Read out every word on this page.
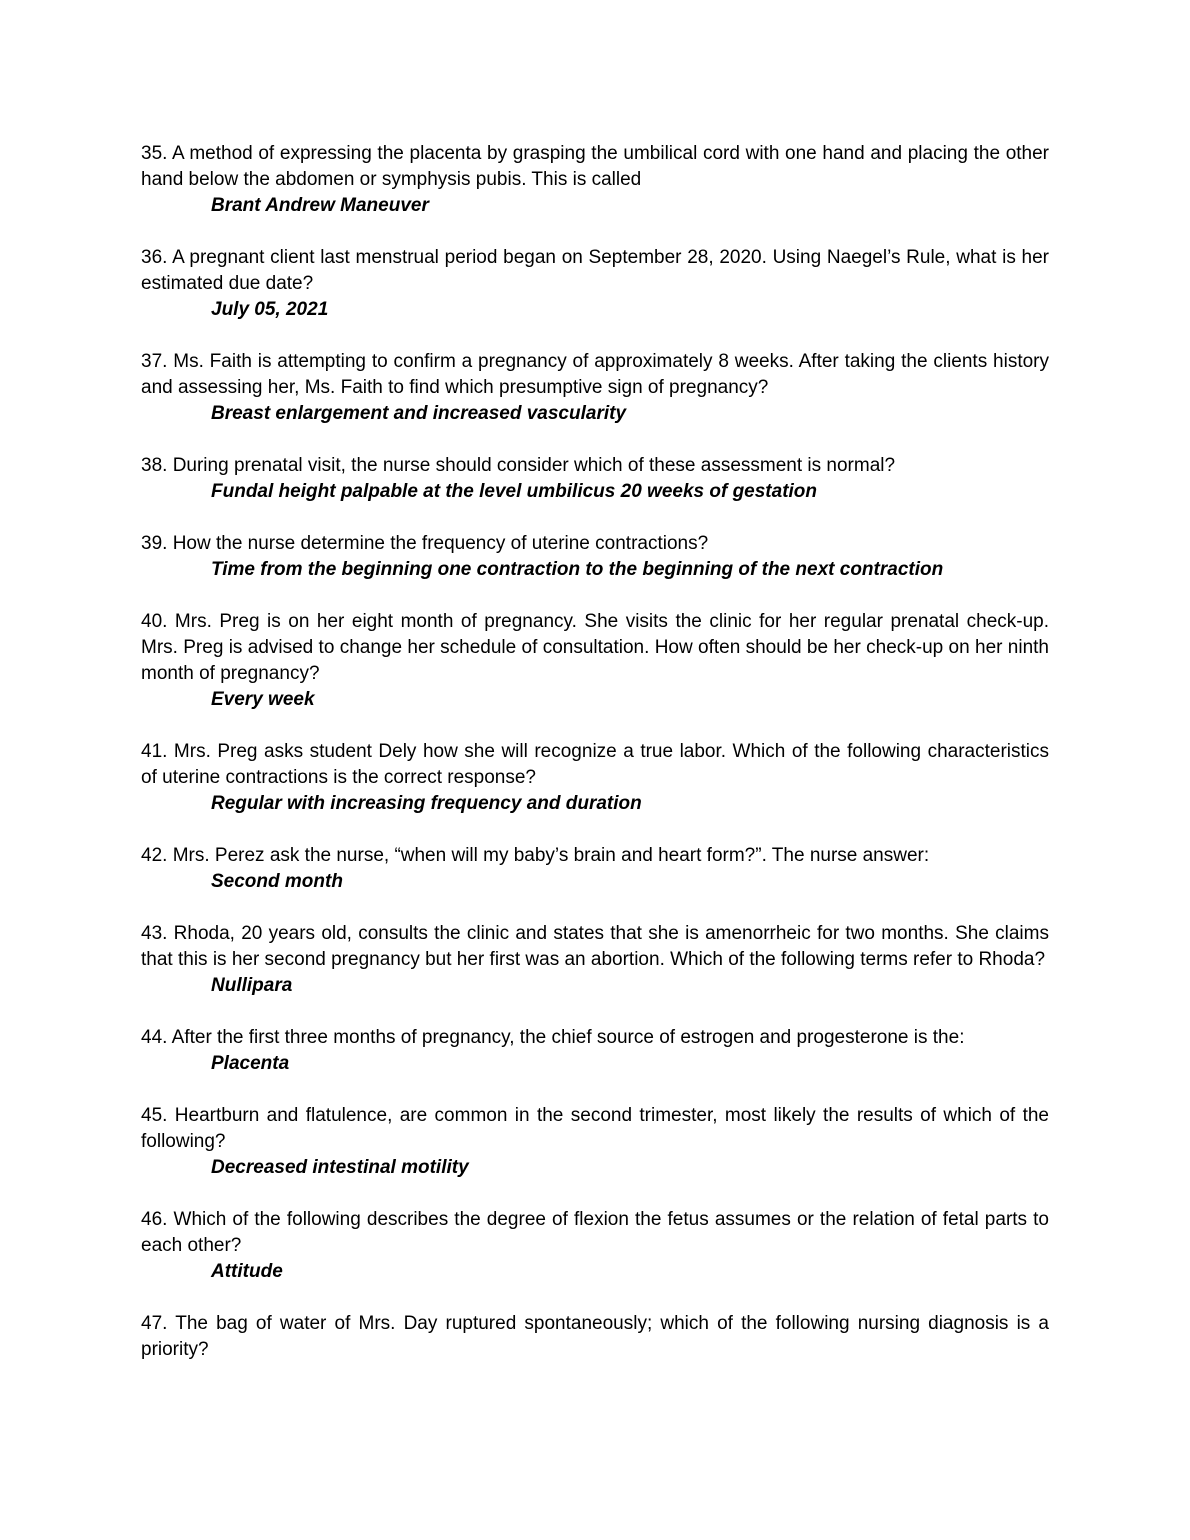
35. A method of expressing the placenta by grasping the umbilical cord with one hand and placing the other hand below the abdomen or symphysis pubis. This is called

Brant Andrew Maneuver

36. A pregnant client last menstrual period began on September 28, 2020. Using Naegel’s Rule, what is her estimated due date?

July 05, 2021

37. Ms. Faith is attempting to confirm a pregnancy of approximately 8 weeks. After taking the clients history and assessing her, Ms. Faith to find which presumptive sign of pregnancy?

Breast enlargement and increased vascularity

38. During prenatal visit, the nurse should consider which of these assessment is normal?

Fundal height palpable at the level umbilicus 20 weeks of gestation

39. How the nurse determine the frequency of uterine contractions?

Time from the beginning one contraction to the beginning of the next contraction

40. Mrs. Preg is on her eight month of pregnancy. She visits the clinic for her regular prenatal check-up. Mrs. Preg is advised to change her schedule of consultation. How often should be her check-up on her ninth month of pregnancy?

Every week

41. Mrs. Preg asks student Dely how she will recognize a true labor. Which of the following characteristics of uterine contractions is the correct response?

Regular with increasing frequency and duration

42. Mrs. Perez ask the nurse, “when will my baby’s brain and heart form?”. The nurse answer:

Second month

43. Rhoda, 20 years old, consults the clinic and states that she is amenorrheic for two months. She claims that this is her second pregnancy but her first was an abortion. Which of the following terms refer to Rhoda?

Nullipara

44. After the first three months of pregnancy, the chief source of estrogen and progesterone is the:

Placenta

45. Heartburn and flatulence, are common in the second trimester, most likely the results of which of the following?

Decreased intestinal motility

46. Which of the following describes the degree of flexion the fetus assumes or the relation of fetal parts to each other?

Attitude

47. The bag of water of Mrs. Day ruptured spontaneously; which of the following nursing diagnosis is a priority?
